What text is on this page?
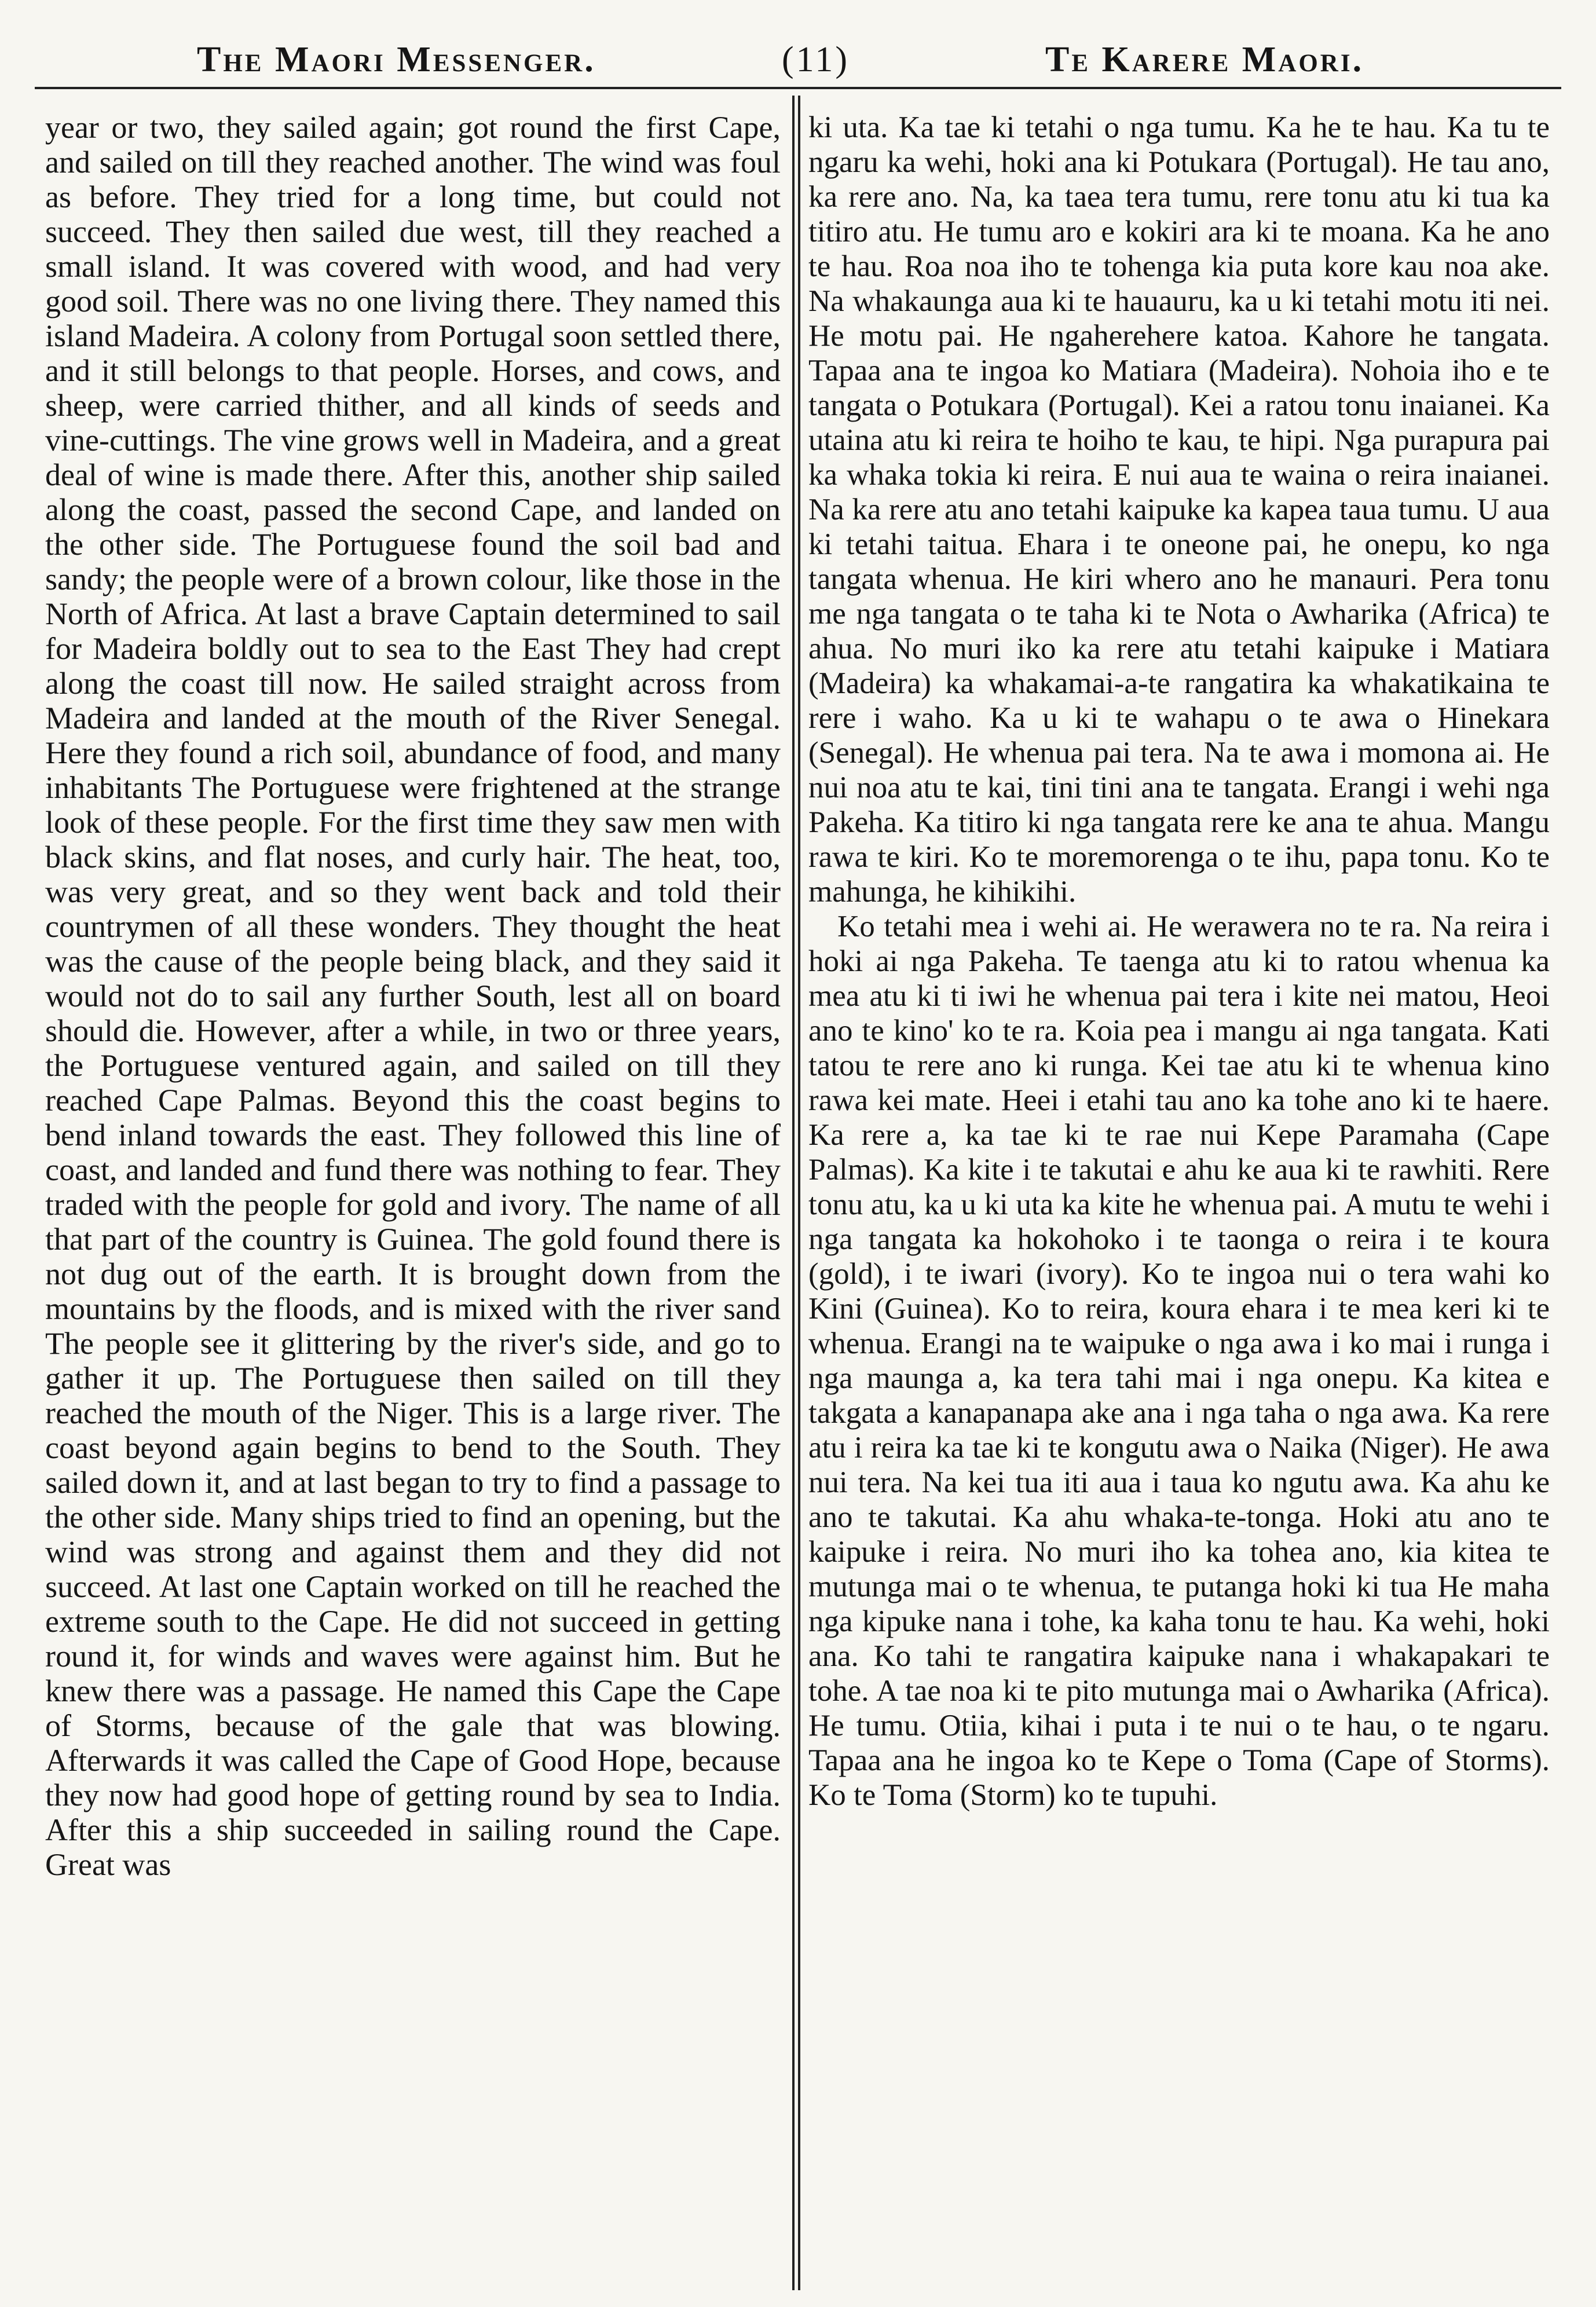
The Maori Messenger.	(11)	Te Karere Maori.

year or two, they sailed again; got round the first Cape, and sailed on till they reached another. The wind was foul as before. They tried for a long time, but could not succeed. They then sailed due west, till they reached a small island. It was covered with wood, and had very good soil. There was no one living there. They named this island Madeira. A colony from Portugal soon settled there, and it still belongs to that people. Horses, and cows, and sheep, were carried thither, and all kinds of seeds and vine-cuttings. The vine grows well in Madeira, and a great deal of wine is made there. After this, another ship sailed along the coast, passed the second Cape, and landed on the other side. The Portuguese found the soil bad and sandy; the people were of a brown colour, like those in the North of Africa. At last a brave Captain determined to sail for Madeira boldly out to sea to the East They had crept along the coast till now. He sailed straight across from Madeira and landed at the mouth of the River Senegal. Here they found a rich soil, abundance of food, and many inhabitants The Portuguese were frightened at the strange look of these people. For the first time they saw men with black skins, and flat noses, and curly hair. The heat, too, was very great, and so they went back and told their countrymen of all these wonders. They thought the heat was the cause of the people being black, and they said it would not do to sail any further South, lest all on board should die. However, after a while, in two or three years, the Portuguese ventured again, and sailed on till they reached Cape Palmas. Beyond this the coast begins to bend inland towards the east. They followed this line of coast, and landed and fund there was nothing to fear. They traded with the people for gold and ivory. The name of all that part of the country is Guinea. The gold found there is not dug out of the earth. It is brought down from the mountains by the floods, and is mixed with the river sand The people see it glittering by the river's side, and go to gather it up. The Portuguese then sailed on till they reached the mouth of the Niger. This is a large river. The coast beyond again begins to bend to the South. They sailed down it, and at last began to try to find a passage to the other side. Many ships tried to find an opening, but the wind was strong and against them and they did not succeed. At last one Captain worked on till he reached the extreme south to the Cape. He did not succeed in getting round it, for winds and waves were against him. But he knew there was a passage. He named this Cape the Cape of Storms, because of the gale that was blowing. Afterwards it was called the Cape of Good Hope, because they now had good hope of getting round by sea to India. After this a ship succeeded in sailing round the Cape. Great was

ki uta. Ka tae ki tetahi o nga tumu. Ka he te hau. Ka tu te ngaru ka wehi, hoki ana ki Potukara (Portugal). He tau ano, ka rere ano. Na, ka taea tera tumu, rere tonu atu ki tua ka titiro atu. He tumu aro e kokiri ara ki te moana. Ka he ano te hau. Roa noa iho te tohenga kia puta kore kau noa ake. Na whakaunga aua ki te hauauru, ka u ki tetahi motu iti nei. He motu pai. He ngaherehere katoa. Kahore he tangata. Tapaa ana te ingoa ko Matiara (Madeira). Nohoia iho e te tangata o Potukara (Portugal). Kei a ratou tonu inaianei. Ka utaina atu ki reira te hoiho te kau, te hipi. Nga purapura pai ka whaka tokia ki reira. E nui aua te waina o reira inaianei. Na ka rere atu ano tetahi kaipuke ka kapea taua tumu. U aua ki tetahi taitua. Ehara i te oneone pai, he onepu, ko nga tangata whenua. He kiri whero ano he manauri. Pera tonu me nga tangata o te taha ki te Nota o Awharika (Africa) te ahua. No muri iko ka rere atu tetahi kaipuke i Matiara (Madeira) ka whakamai-a-te rangatira ka whakatikaina te rere i waho. Ka u ki te wahapu o te awa o Hinekara (Senegal). He whenua pai tera. Na te awa i momona ai. He nui noa atu te kai, tini tini ana te tangata. Erangi i wehi nga Pakeha. Ka titiro ki nga tangata rere ke ana te ahua. Mangu rawa te kiri. Ko te moremorenga o te ihu, papa tonu. Ko te mahunga, he kihikihi.

Ko tetahi mea i wehi ai. He werawera no te ra. Na reira i hoki ai nga Pakeha. Te taenga atu ki to ratou whenua ka mea atu ki ti iwi he whenua pai tera i kite nei matou, Heoi ano te kino' ko te ra. Koia pea i mangu ai nga tangata. Kati tatou te rere ano ki runga. Kei tae atu ki te whenua kino rawa kei mate. Heei i etahi tau ano ka tohe ano ki te haere. Ka rere a, ka tae ki te rae nui Kepe Paramaha (Cape Palmas). Ka kite i te takutai e ahu ke aua ki te rawhiti. Rere tonu atu, ka u ki uta ka kite he whenua pai. A mutu te wehi i nga tangata ka hokohoko i te taonga o reira i te koura (gold), i te iwari (ivory). Ko te ingoa nui o tera wahi ko Kini (Guinea). Ko to reira, koura ehara i te mea keri ki te whenua. Erangi na te waipuke o nga awa i ko mai i runga i nga maunga a, ka tera tahi mai i nga onepu. Ka kitea e takgata a kanapanapa ake ana i nga taha o nga awa. Ka rere atu i reira ka tae ki te kongutu awa o Naika (Niger). He awa nui tera. Na kei tua iti aua i taua ko ngutu awa. Ka ahu ke ano te takutai. Ka ahu whaka-te-tonga. Hoki atu ano te kaipuke i reira. No muri iho ka tohea ano, kia kitea te mutunga mai o te whenua, te putanga hoki ki tua He maha nga kipuke nana i tohe, ka kaha tonu te hau. Ka wehi, hoki ana. Ko tahi te rangatira kaipuke nana i whakapakari te tohe. A tae noa ki te pito mutunga mai o Awharika (Africa). He tumu. Otiia, kihai i puta i te nui o te hau, o te ngaru. Tapaa ana he ingoa ko te Kepe o Toma (Cape of Storms). Ko te Toma (Storm) ko te tupuhi.
